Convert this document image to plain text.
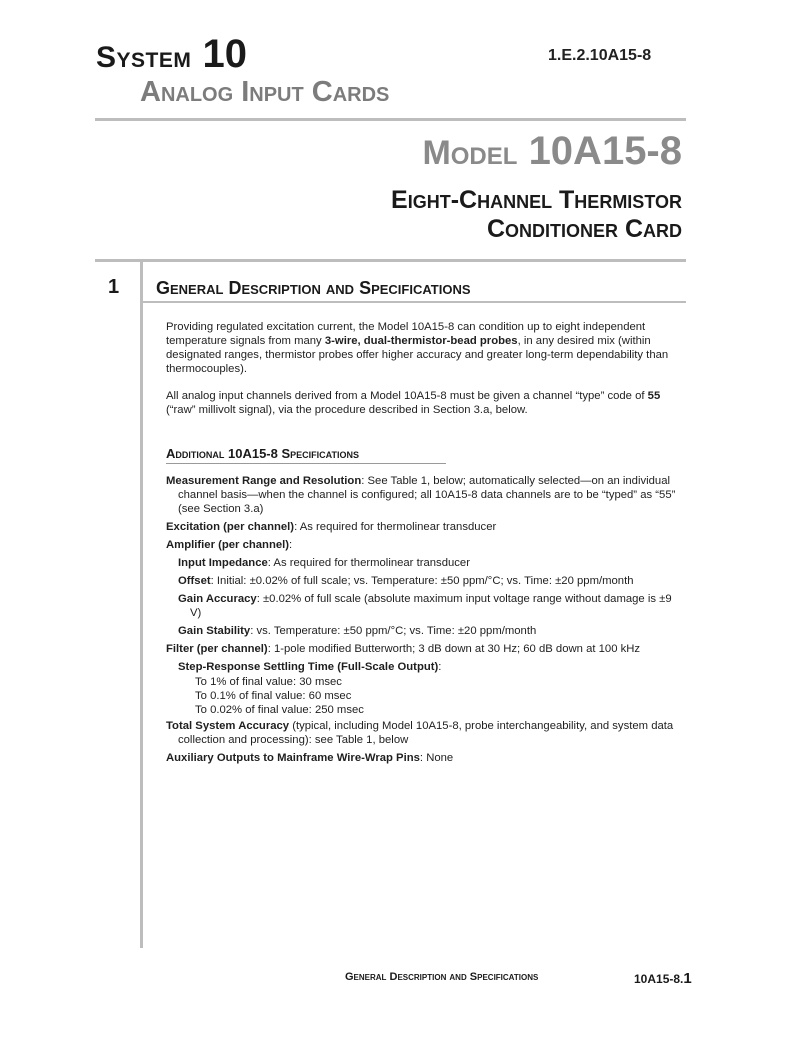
System 10	1.E.2.10A15-8
Analog Input Cards
Model 10A15-8
Eight-Channel Thermistor
Conditioner Card
1 General Description and Specifications
Providing regulated excitation current, the Model 10A15-8 can condition up to eight independent temperature signals from many 3-wire, dual-thermistor-bead probes, in any desired mix (within designated ranges, thermistor probes offer higher accuracy and greater long-term dependability than thermocouples).
All analog input channels derived from a Model 10A15-8 must be given a channel “type” code of 55 (“raw” millivolt signal), via the procedure described in Section 3.a, below.
Additional 10A15-8 Specifications
Measurement Range and Resolution: See Table 1, below; automatically selected—on an individual channel basis—when the channel is configured; all 10A15-8 data channels are to be “typed” as “55” (see Section 3.a)
Excitation (per channel): As required for thermolinear transducer
Amplifier (per channel):
Input Impedance: As required for thermolinear transducer
Offset: Initial: ±0.02% of full scale; vs. Temperature: ±50 ppm/°C; vs. Time: ±20 ppm/month
Gain Accuracy: ±0.02% of full scale (absolute maximum input voltage range without damage is ±9 V)
Gain Stability: vs. Temperature: ±50 ppm/°C; vs. Time: ±20 ppm/month
Filter (per channel): 1-pole modified Butterworth; 3 dB down at 30 Hz; 60 dB down at 100 kHz
Step-Response Settling Time (Full-Scale Output):
To 1% of final value: 30 msec
To 0.1% of final value: 60 msec
To 0.02% of final value: 250 msec
Total System Accuracy (typical, including Model 10A15-8, probe interchangeability, and system data collection and processing): see Table 1, below
Auxiliary Outputs to Mainframe Wire-Wrap Pins: None
General Description and Specifications	10A15-8.1
